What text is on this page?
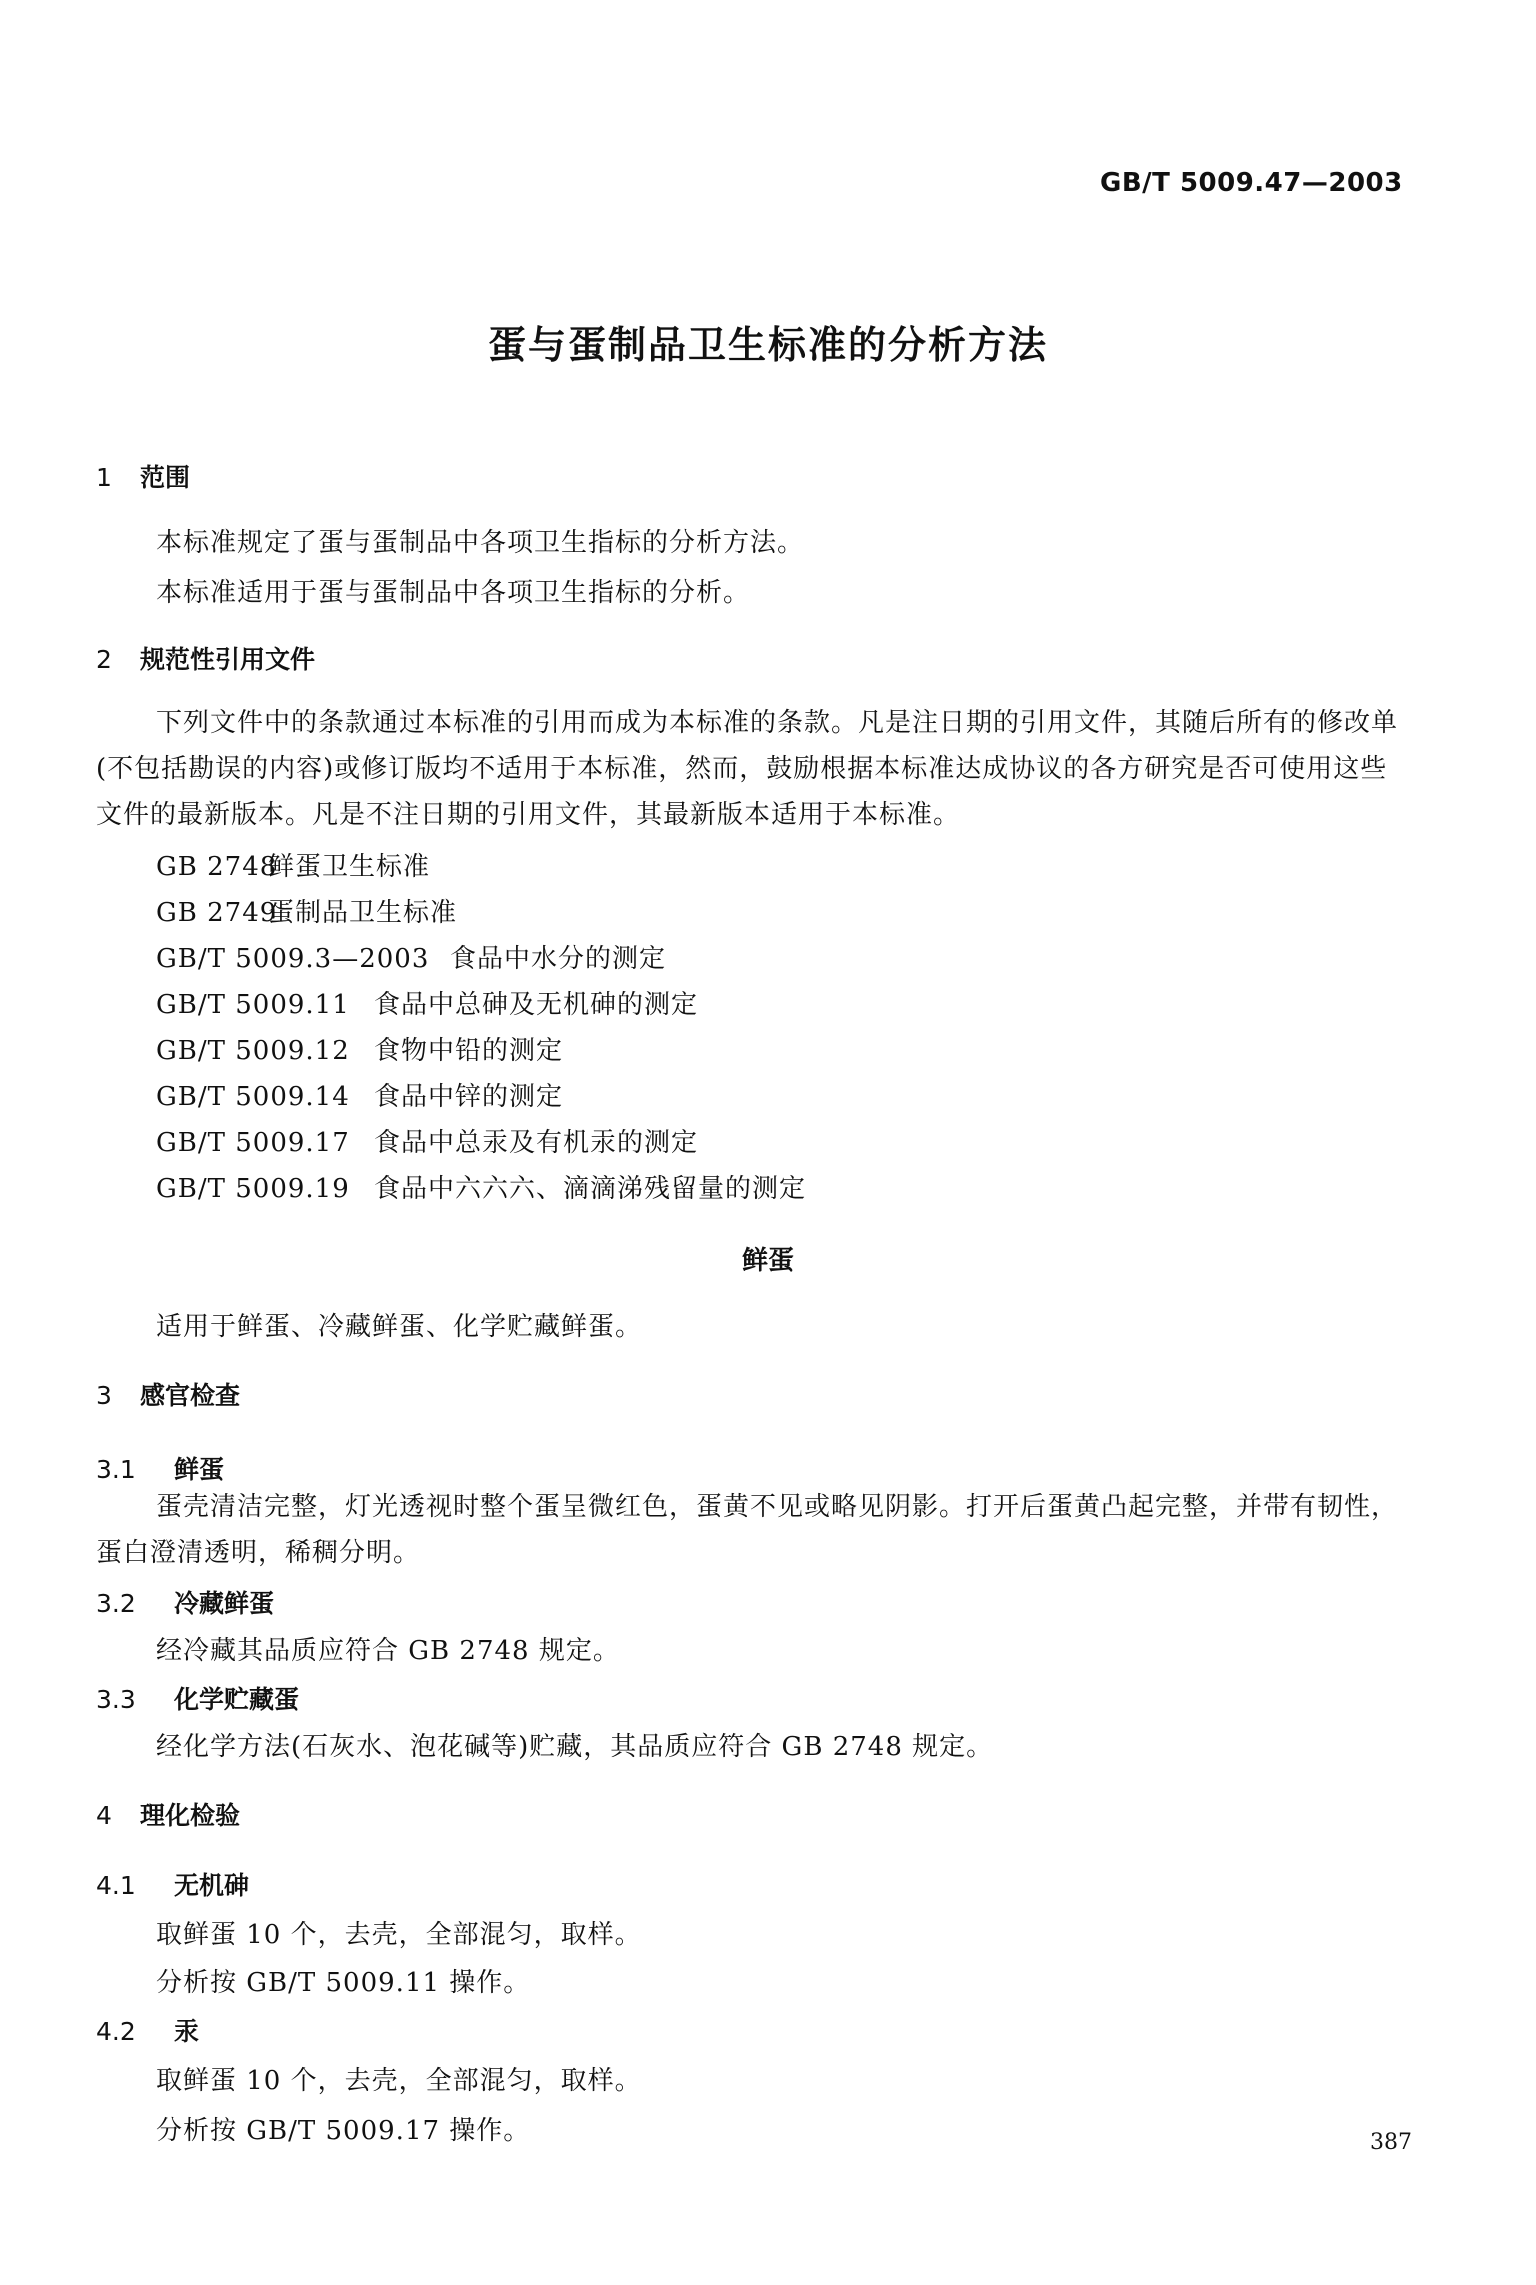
GB/T 5009.47—2003
蛋与蛋制品卫生标准的分析方法
1 范围
本标准规定了蛋与蛋制品中各项卫生指标的分析方法。
本标准适用于蛋与蛋制品中各项卫生指标的分析。
2 规范性引用文件
下列文件中的条款通过本标准的引用而成为本标准的条款。凡是注日期的引用文件，其随后所有的修改单(不包括勘误的内容)或修订版均不适用于本标准，然而，鼓励根据本标准达成协议的各方研究是否可使用这些文件的最新版本。凡是不注日期的引用文件，其最新版本适用于本标准。
GB 2748鲜蛋卫生标准
GB 2749蛋制品卫生标准
GB/T 5009.3—2003 食品中水分的测定
GB/T 5009.11 食品中总砷及无机砷的测定
GB/T 5009.12 食物中铅的测定
GB/T 5009.14 食品中锌的测定
GB/T 5009.17 食品中总汞及有机汞的测定
GB/T 5009.19 食品中六六六、滴滴涕残留量的测定
鲜蛋
适用于鲜蛋、冷藏鲜蛋、化学贮藏鲜蛋。
3 感官检查
3.1 鲜蛋
蛋壳清洁完整，灯光透视时整个蛋呈微红色，蛋黄不见或略见阴影。打开后蛋黄凸起完整，并带有韧性，蛋白澄清透明，稀稠分明。
3.2 冷藏鲜蛋
经冷藏其品质应符合 GB 2748 规定。
3.3 化学贮藏蛋
经化学方法(石灰水、泡花碱等)贮藏，其品质应符合 GB 2748 规定。
4 理化检验
4.1 无机砷
取鲜蛋 10 个，去壳，全部混匀，取样。
分析按 GB/T 5009.11 操作。
4.2 汞
取鲜蛋 10 个，去壳，全部混匀，取样。
分析按 GB/T 5009.17 操作。	387
